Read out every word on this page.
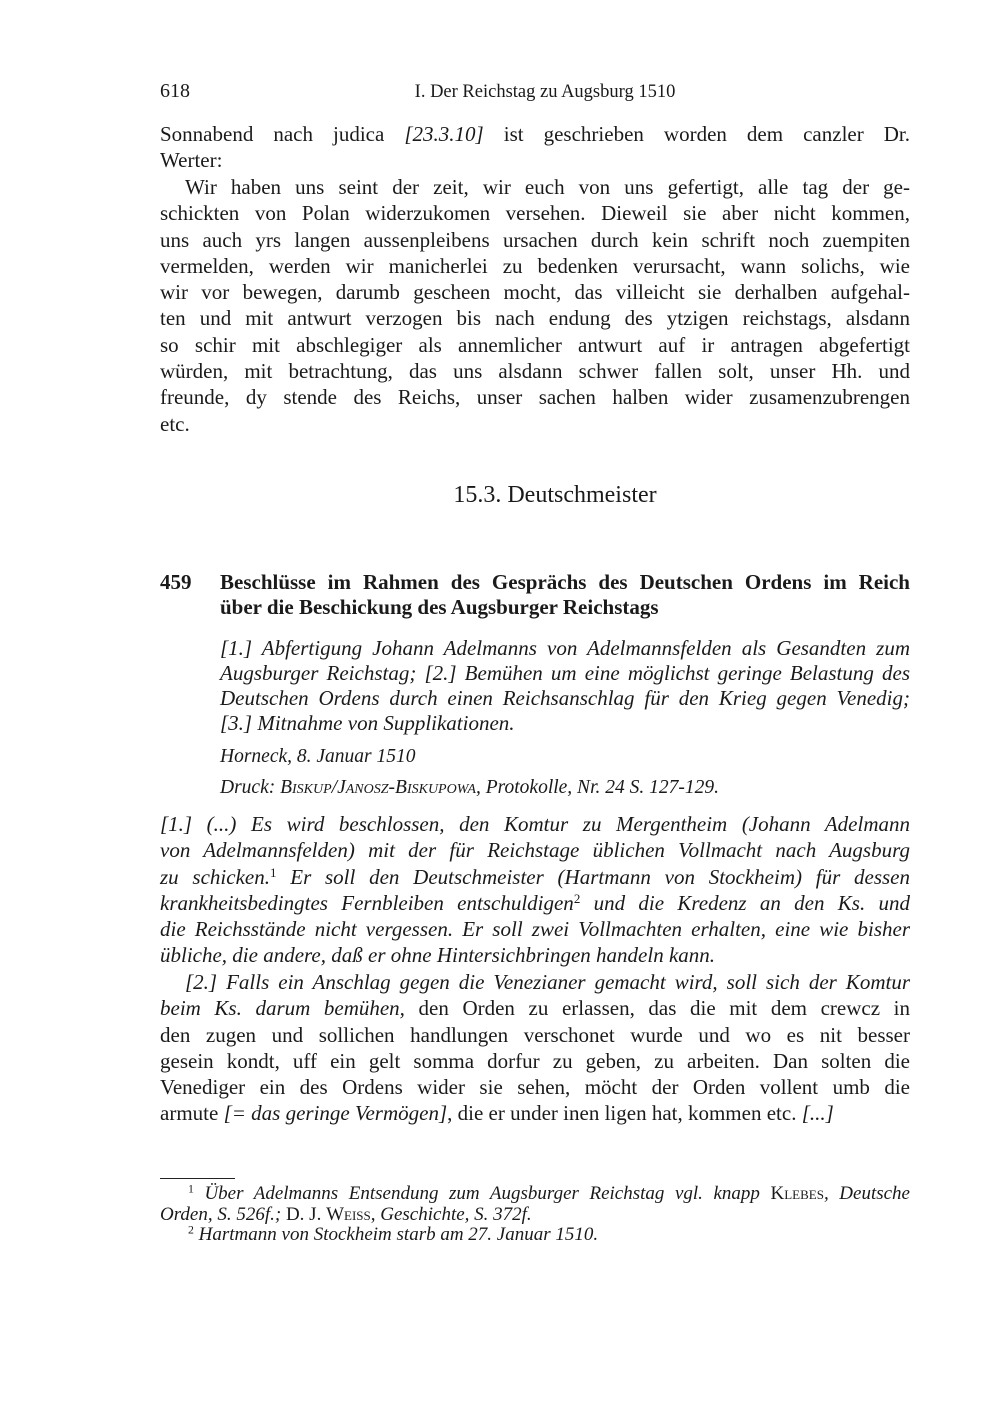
618	I. Der Reichstag zu Augsburg 1510
Sonnabend nach judica [23.3.10] ist geschrieben worden dem canzler Dr.
Werter:
Wir haben uns seint der zeit, wir euch von uns gefertigt, alle tag der ge-
schickten von Polan widerzukomen versehen. Dieweil sie aber nicht kommen,
uns auch yrs langen aussenpleibens ursachen durch kein schrift noch zuempiten
vermelden, werden wir manicherlei zu bedenken verursacht, wann solichs, wie
wir vor bewegen, darumb gescheen mocht, das villeicht sie derhalben aufgehal-
ten und mit antwurt verzogen bis nach endung des ytzigen reichstags, alsdann
so schir mit abschlegiger als annemlicher antwurt auf ir antragen abgefertigt
würden, mit betrachtung, das uns alsdann schwer fallen solt, unser Hh. und
freunde, dy stende des Reichs, unser sachen halben wider zusamenzubrengen
etc.
15.3. Deutschmeister
459 Beschlüsse im Rahmen des Gesprächs des Deutschen Ordens im Reich
über die Beschickung des Augsburger Reichstags
[1.] Abfertigung Johann Adelmanns von Adelmannsfelden als Gesandten zum
Augsburger Reichstag; [2.] Bemühen um eine möglichst geringe Belastung des
Deutschen Ordens durch einen Reichsanschlag für den Krieg gegen Venedig;
[3.] Mitnahme von Supplikationen.
Horneck, 8. Januar 1510
Druck: Biskup/Janosz-Biskupowa, Protokolle, Nr. 24 S. 127-129.
[1.] (...) Es wird beschlossen, den Komtur zu Mergentheim (Johann Adelmann
von Adelmannsfelden) mit der für Reichstage üblichen Vollmacht nach Augsburg
zu schicken.$^1$ Er soll den Deutschmeister (Hartmann von Stockheim) für dessen
krankheitsbedingtes Fernbleiben entschuldigen$^2$ und die Kredenz an den Ks. und
die Reichsstände nicht vergessen. Er soll zwei Vollmachten erhalten, eine wie bisher
übliche, die andere, daß er ohne Hintersichbringen handeln kann.
[2.] Falls ein Anschlag gegen die Venezianer gemacht wird, soll sich der Komtur
beim Ks. darum bemühen, den Orden zu erlassen, das die mit dem crewcz in
den zugen und sollichen handlungen verschonet wurde und wo es nit besser
gesein kondt, uff ein gelt somma dorfur zu geben, zu arbeiten. Dan solten die
Venediger ein des Ordens wider sie sehen, möcht der Orden vollent umb die
armute [= das geringe Vermögen], die er under inen ligen hat, kommen etc. [...]
$^1$ Über Adelmanns Entsendung zum Augsburger Reichstag vgl. knapp Klebes, Deutsche
Orden, S. 526f.; D. J. Weiss, Geschichte, S. 372f.
$^2$ Hartmann von Stockheim starb am 27. Januar 1510.
